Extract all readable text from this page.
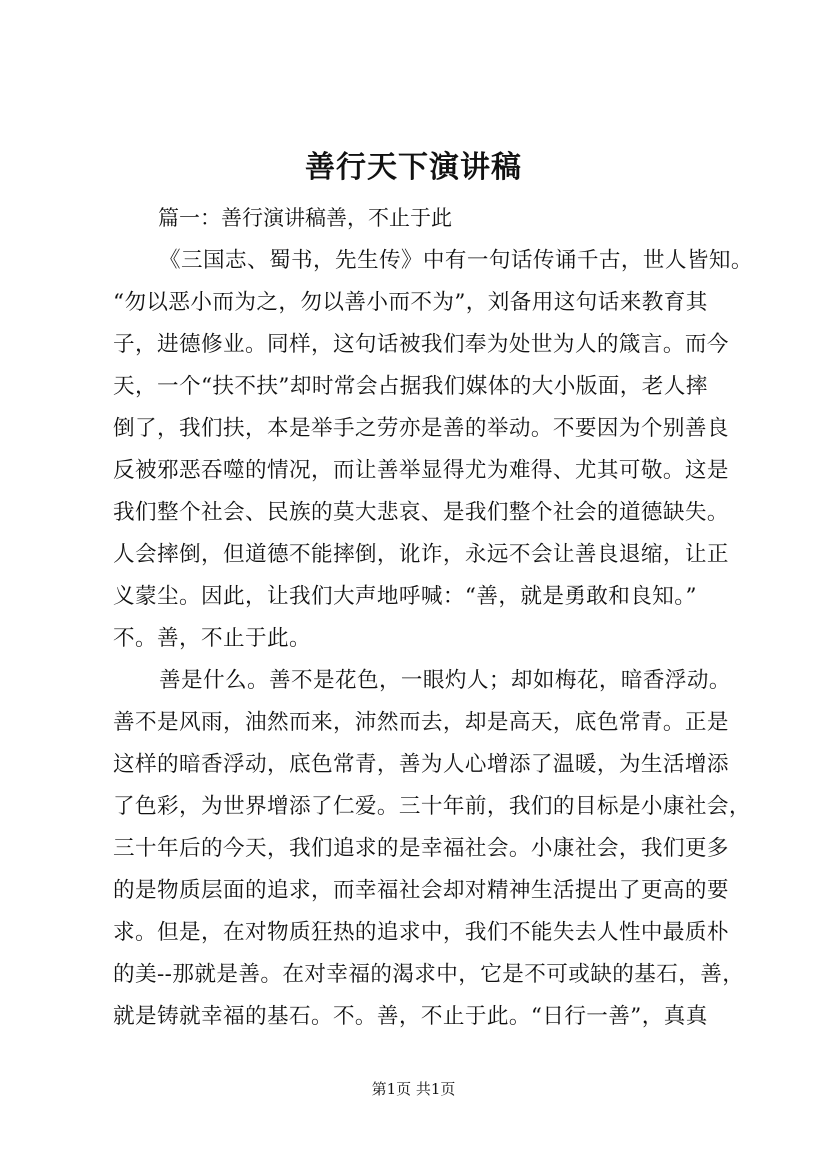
善行天下演讲稿
篇一：善行演讲稿善，不止于此
《三国志、蜀书，先生传》中有一句话传诵千古，世人皆知。
“勿以恶小而为之，勿以善小而不为”，刘备用这句话来教育其
子，进德修业。同样，这句话被我们奉为处世为人的箴言。而今
天，一个“扶不扶”却时常会占据我们媒体的大小版面，老人摔
倒了，我们扶，本是举手之劳亦是善的举动。不要因为个别善良
反被邪恶吞噬的情况，而让善举显得尤为难得、尤其可敬。这是
我们整个社会、民族的莫大悲哀、是我们整个社会的道德缺失。
人会摔倒，但道德不能摔倒，讹诈，永远不会让善良退缩，让正
义蒙尘。因此，让我们大声地呼喊：“善，就是勇敢和良知。”
不。善，不止于此。
善是什么。善不是花色，一眼灼人；却如梅花，暗香浮动。
善不是风雨，油然而来，沛然而去，却是高天，底色常青。正是
这样的暗香浮动，底色常青，善为人心增添了温暖，为生活增添
了色彩，为世界增添了仁爱。三十年前，我们的目标是小康社会，
三十年后的今天，我们追求的是幸福社会。小康社会，我们更多
的是物质层面的追求，而幸福社会却对精神生活提出了更高的要
求。但是，在对物质狂热的追求中，我们不能失去人性中最质朴
的美--那就是善。在对幸福的渴求中，它是不可或缺的基石，善，
就是铸就幸福的基石。不。善，不止于此。“日行一善”，真真
第1页 共1页
